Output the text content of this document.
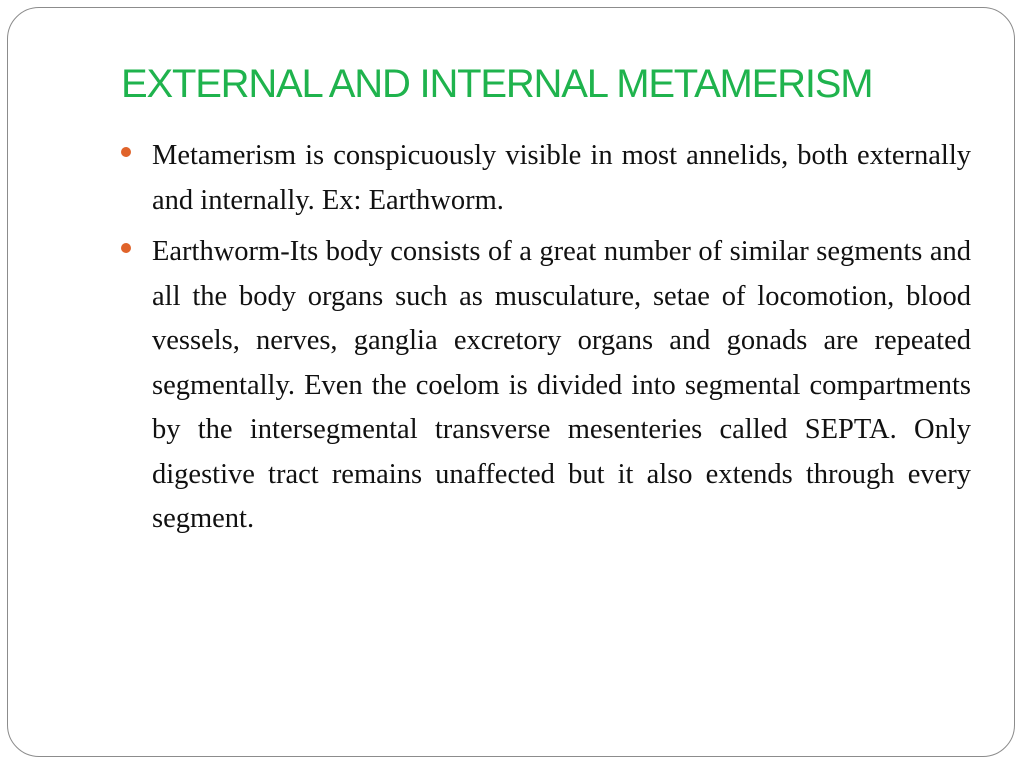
EXTERNAL AND INTERNAL METAMERISM
Metamerism is conspicuously visible in most annelids, both externally and internally. Ex: Earthworm.
Earthworm-Its body consists of a great number of similar segments and all the body organs such as musculature, setae of locomotion, blood vessels, nerves, ganglia excretory organs and gonads are repeated segmentally. Even the coelom is divided into segmental compartments by the intersegmental transverse mesenteries called SEPTA. Only digestive tract remains unaffected but it also extends through every segment.
